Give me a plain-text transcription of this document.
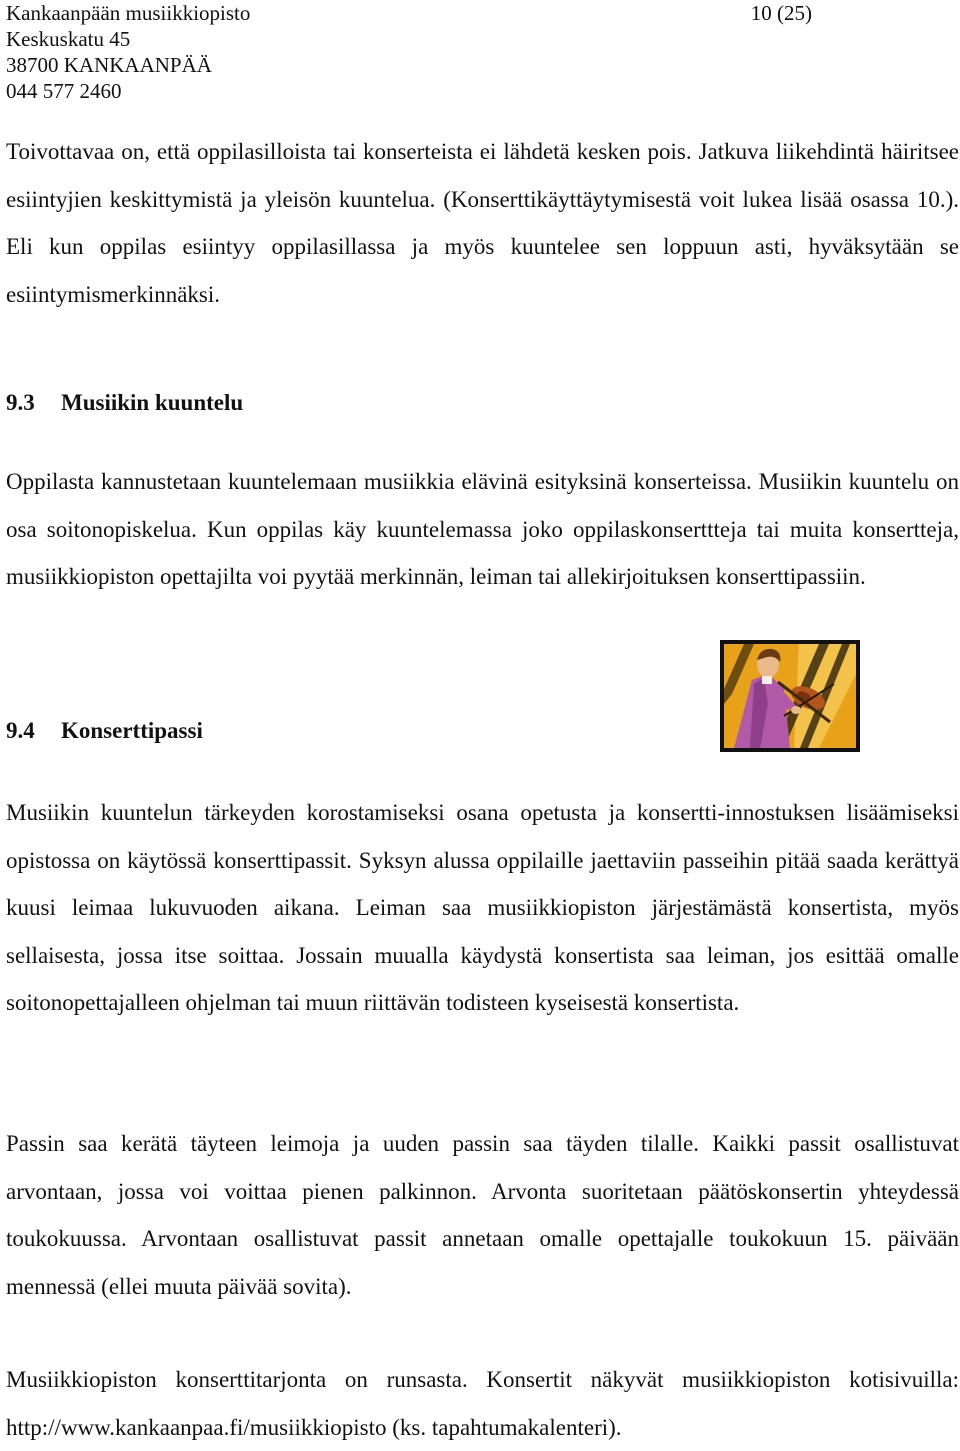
Kankaanpään musiikkiopisto
Keskuskatu 45
38700 KANKAANPÄÄ
044 577 2460
10 (25)

Toivottavaa on, että oppilasilloista tai konserteista ei lähdetä kesken pois. Jatkuva liikehdintä häiritsee esiintyjien keskittymistä ja yleisön kuuntelua. (Konserttikäyttäytymisestä voit lukea lisää osassa 10.). Eli kun oppilas esiintyy oppilasillassa ja myös kuuntelee sen loppuun asti, hyväksytään se esiintymismerkinnäksi.

9.3 Musiikin kuuntelu

Oppilasta kannustetaan kuuntelemaan musiikkia elävinä esityksinä konserteissa. Musiikin kuuntelu on osa soitonopiskelua. Kun oppilas käy kuuntelemassa joko oppilaskonserttteja tai muita konsertteja, musiikkiopiston opettajilta voi pyytää merkinnän, leiman tai allekirjoituksen konserttipassiin.

9.4 Konserttipassi

Musiikin kuuntelun tärkeyden korostamiseksi osana opetusta ja konsertti-innostuksen lisäämiseksi opistossa on käytössä konserttipassit. Syksyn alussa oppilaille jaettaviin passeihin pitää saada kerättyä kuusi leimaa lukuvuoden aikana. Leiman saa musiikkiopiston järjestämästä konsertista, myös sellaisesta, jossa itse soittaa. Jossain muualla käydystä konsertista saa leiman, jos esittää omalle soitonopettajalleen ohjelman tai muun riittävän todisteen kyseisestä konsertista.

Passin saa kerätä täyteen leimoja ja uuden passin saa täyden tilalle. Kaikki passit osallistuvat arvontaan, jossa voi voittaa pienen palkinnon. Arvonta suoritetaan päätöskonsertin yhteydessä toukokuussa. Arvontaan osallistuvat passit annetaan omalle opettajalle toukokuun 15. päivään mennessä (ellei muuta päivää sovita).

Musiikkiopiston konserttitarjonta on runsasta. Konsertit näkyvät musiikkiopiston kotisivuilla: http://www.kankaanpaa.fi/musiikkiopisto (ks. tapahtumakalenteri).
